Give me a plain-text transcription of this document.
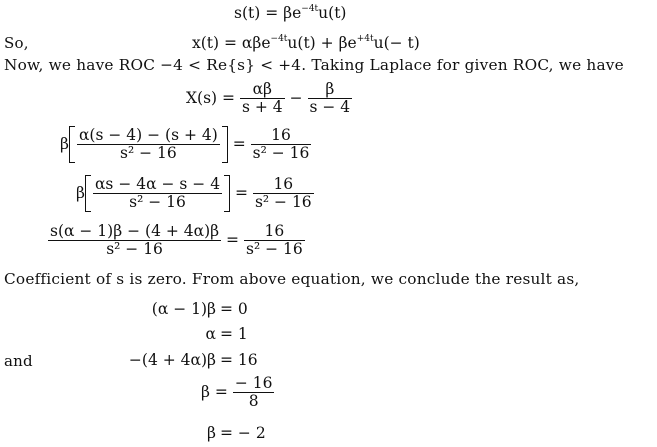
$s(t) = \beta e^{-4t}u(t)$
So,	$x(t) = \alpha\beta e^{-4t}u(t) + \beta e^{+4t}u(- t)$
Now, we have ROC −4 < Re{s} < +4. Taking Laplace for given ROC, we have
$X(s) = \frac{\alpha\beta}{s + 4} - \frac{\beta}{s - 4}$
β $\frac{\alpha(s - 4) - (s + 4)}{\text{s² − 16}} = \frac{16}{\text{s² − 16}}$
β $\frac{\alpha s - 4\alpha - s - 4}{\text{s² − 16}} = \frac{16}{\text{s² − 16}}$
$\frac{s(\alpha - 1)\beta - (4 + 4\alpha)\beta}{\text{s² − 16}} = \frac{16}{\text{s² − 16}}$
Coefficient of s is zero. From above equation, we conclude the result as,
(α − 1)β = 0
α = 1
and	−(4 + 4α)β = 16
$\beta = \frac{- 16}{8}$
β = − 2
